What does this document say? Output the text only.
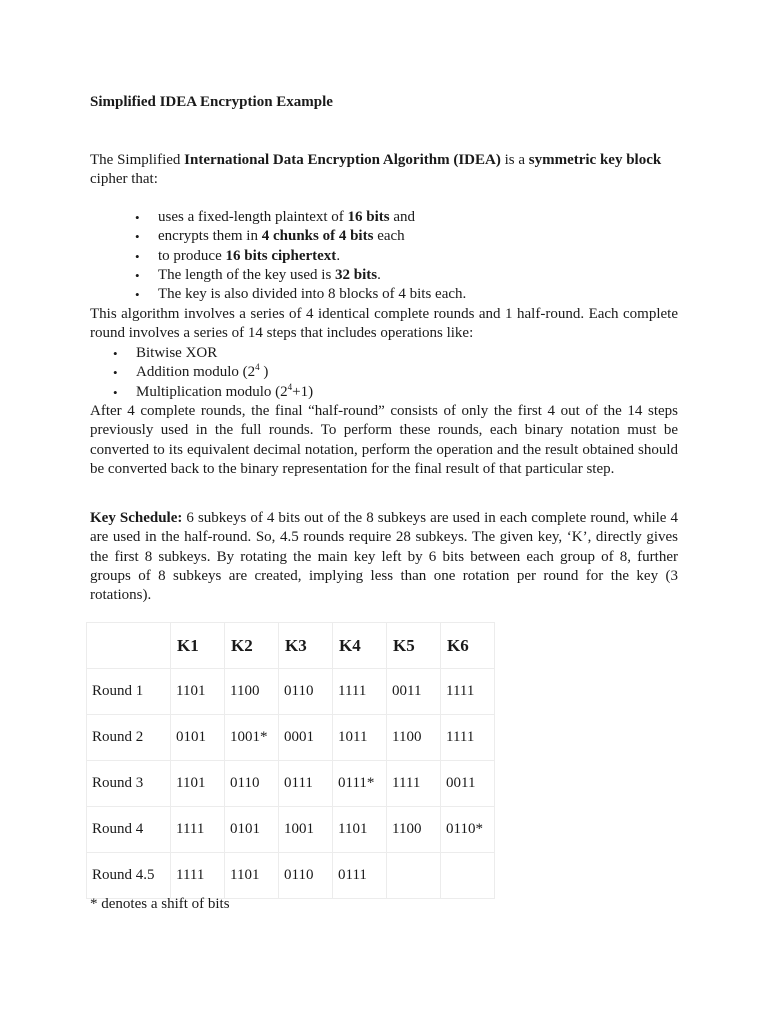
Simplified IDEA Encryption Example
The Simplified International Data Encryption Algorithm (IDEA) is a symmetric key block cipher that:
• uses a fixed-length plaintext of 16 bits and
• encrypts them in 4 chunks of 4 bits each
• to produce 16 bits ciphertext.
• The length of the key used is 32 bits.
• The key is also divided into 8 blocks of 4 bits each.
This algorithm involves a series of 4 identical complete rounds and 1 half-round. Each complete round involves a series of 14 steps that includes operations like:
• Bitwise XOR
• Addition modulo ($2^4$ )
• Multiplication modulo $(2^4+1)$
After 4 complete rounds, the final “half-round” consists of only the first 4 out of the 14 steps previously used in the full rounds. To perform these rounds, each binary notation must be converted to its equivalent decimal notation, perform the operation and the result obtained should be converted back to the binary representation for the final result of that particular step.
Key Schedule: 6 subkeys of 4 bits out of the 8 subkeys are used in each complete round, while 4 are used in the half-round. So, 4.5 rounds require 28 subkeys. The given key, ‘K’, directly gives the first 8 subkeys. By rotating the main key left by 6 bits between each group of 8, further groups of 8 subkeys are created, implying less than one rotation per round for the key (3 rotations).
	K1	K2	K3	K4	K5	K6
Round 1	1101	1100	0110	1111	0011	1111
Round 2	0101	1001*	0001	1011	1100	1111
Round 3	1101	0110	0111	0111*	1111	0011
Round 4	1111	0101	1001	1101	1100	0110*
Round 4.5	1111	1101	0110	0111		
* denotes a shift of bits
